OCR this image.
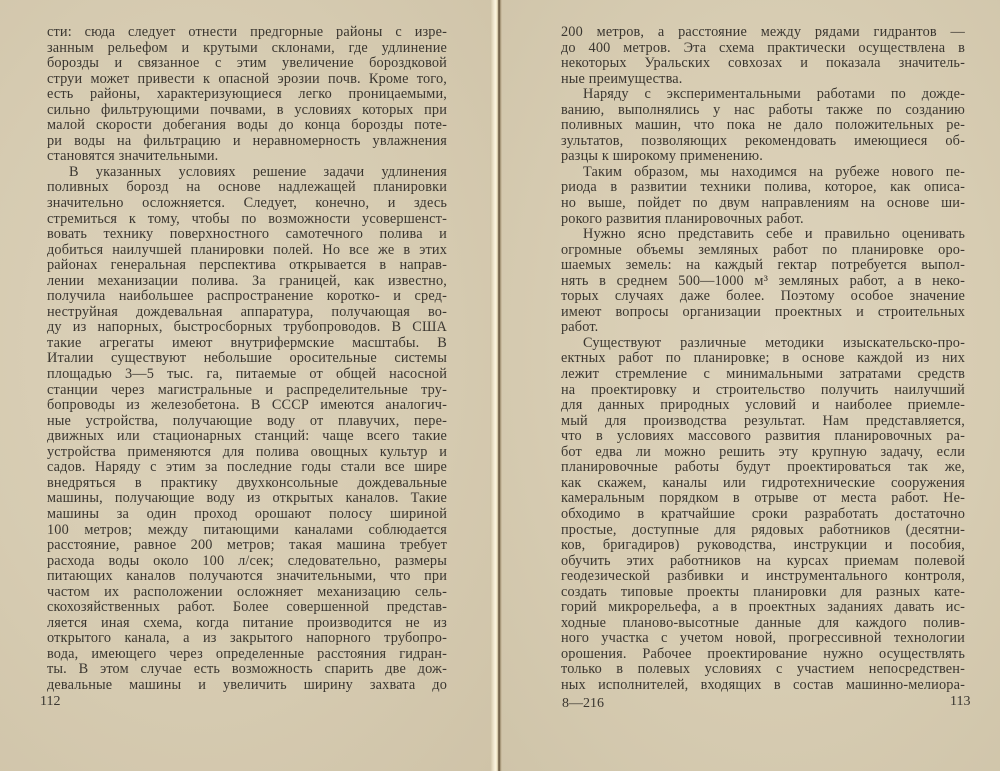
сти: сюда следует отнести предгорные районы с изре-
занным рельефом и крутыми склонами, где удлинение
борозды и связанное с этим увеличение бороздковой
струи может привести к опасной эрозии почв. Кроме того,
есть районы, характеризующиеся легко проницаемыми,
сильно фильтрующими почвами, в условиях которых при
малой скорости добегания воды до конца борозды поте-
ри воды на фильтрацию и неравномерность увлажнения
становятся значительными.
В указанных условиях решение задачи удлинения
поливных борозд на основе надлежащей планировки
значительно осложняется. Следует, конечно, и здесь
стремиться к тому, чтобы по возможности усовершенст-
вовать технику поверхностного самотечного полива и
добиться наилучшей планировки полей. Но все же в этих
районах генеральная перспектива открывается в направ-
лении механизации полива. За границей, как известно,
получила наибольшее распространение коротко- и сред-
неструйная дождевальная аппаратура, получающая во-
ду из напорных, быстросборных трубопроводов. В США
такие агрегаты имеют внутрифермские масштабы. В
Италии существуют небольшие оросительные системы
площадью 3—5 тыс. га, питаемые от общей насосной
станции через магистральные и распределительные тру-
бопроводы из железобетона. В СССР имеются аналогич-
ные устройства, получающие воду от плавучих, пере-
движных или стационарных станций: чаще всего такие
устройства применяются для полива овощных культур и
садов. Наряду с этим за последние годы стали все шире
внедряться в практику двухконсольные дождевальные
машины, получающие воду из открытых каналов. Такие
машины за один проход орошают полосу шириной
100 метров; между питающими каналами соблюдается
расстояние, равное 200 метров; такая машина требует
расхода воды около 100 л/сек; следовательно, размеры
питающих каналов получаются значительными, что при
частом их расположении осложняет механизацию сель-
скохозяйственных работ. Более совершенной представ-
ляется иная схема, когда питание производится не из
открытого канала, а из закрытого напорного трубопро-
вода, имеющего через определенные расстояния гидран-
ты. В этом случае есть возможность спарить две дож-
девальные машины и увеличить ширину захвата до
112
200 метров, а расстояние между рядами гидрантов —
до 400 метров. Эта схема практически осуществлена в
некоторых Уральских совхозах и показала значитель-
ные преимущества.
Наряду с экспериментальными работами по дожде-
ванию, выполнялись у нас работы также по созданию
поливных машин, что пока не дало положительных ре-
зультатов, позволяющих рекомендовать имеющиеся об-
разцы к широкому применению.
Таким образом, мы находимся на рубеже нового пе-
риода в развитии техники полива, которое, как описа-
но выше, пойдет по двум направлениям на основе ши-
рокого развития планировочных работ.
Нужно ясно представить себе и правильно оценивать
огромные объемы земляных работ по планировке оро-
шаемых земель: на каждый гектар потребуется выпол-
нять в среднем 500—1000 м³ земляных работ, а в неко-
торых случаях даже более. Поэтому особое значение
имеют вопросы организации проектных и строительных
работ.
Существуют различные методики изыскательско-про-
ектных работ по планировке; в основе каждой из них
лежит стремление с минимальными затратами средств
на проектировку и строительство получить наилучший
для данных природных условий и наиболее приемле-
мый для производства результат. Нам представляется,
что в условиях массового развития планировочных ра-
бот едва ли можно решить эту крупную задачу, если
планировочные работы будут проектироваться так же,
как скажем, каналы или гидротехнические сооружения
камеральным порядком в отрыве от места работ. Не-
обходимо в кратчайшие сроки разработать достаточно
простые, доступные для рядовых работников (десятни-
ков, бригадиров) руководства, инструкции и пособия,
обучить этих работников на курсах приемам полевой
геодезической разбивки и инструментального контроля,
создать типовые проекты планировки для разных кате-
горий микрорельефа, а в проектных заданиях давать ис-
ходные планово-высотные данные для каждого полив-
ного участка с учетом новой, прогрессивной технологии
орошения. Рабочее проектирование нужно осуществлять
только в полевых условиях с участием непосредствен-
ных исполнителей, входящих в состав машинно-мелиора-
8—216	113
